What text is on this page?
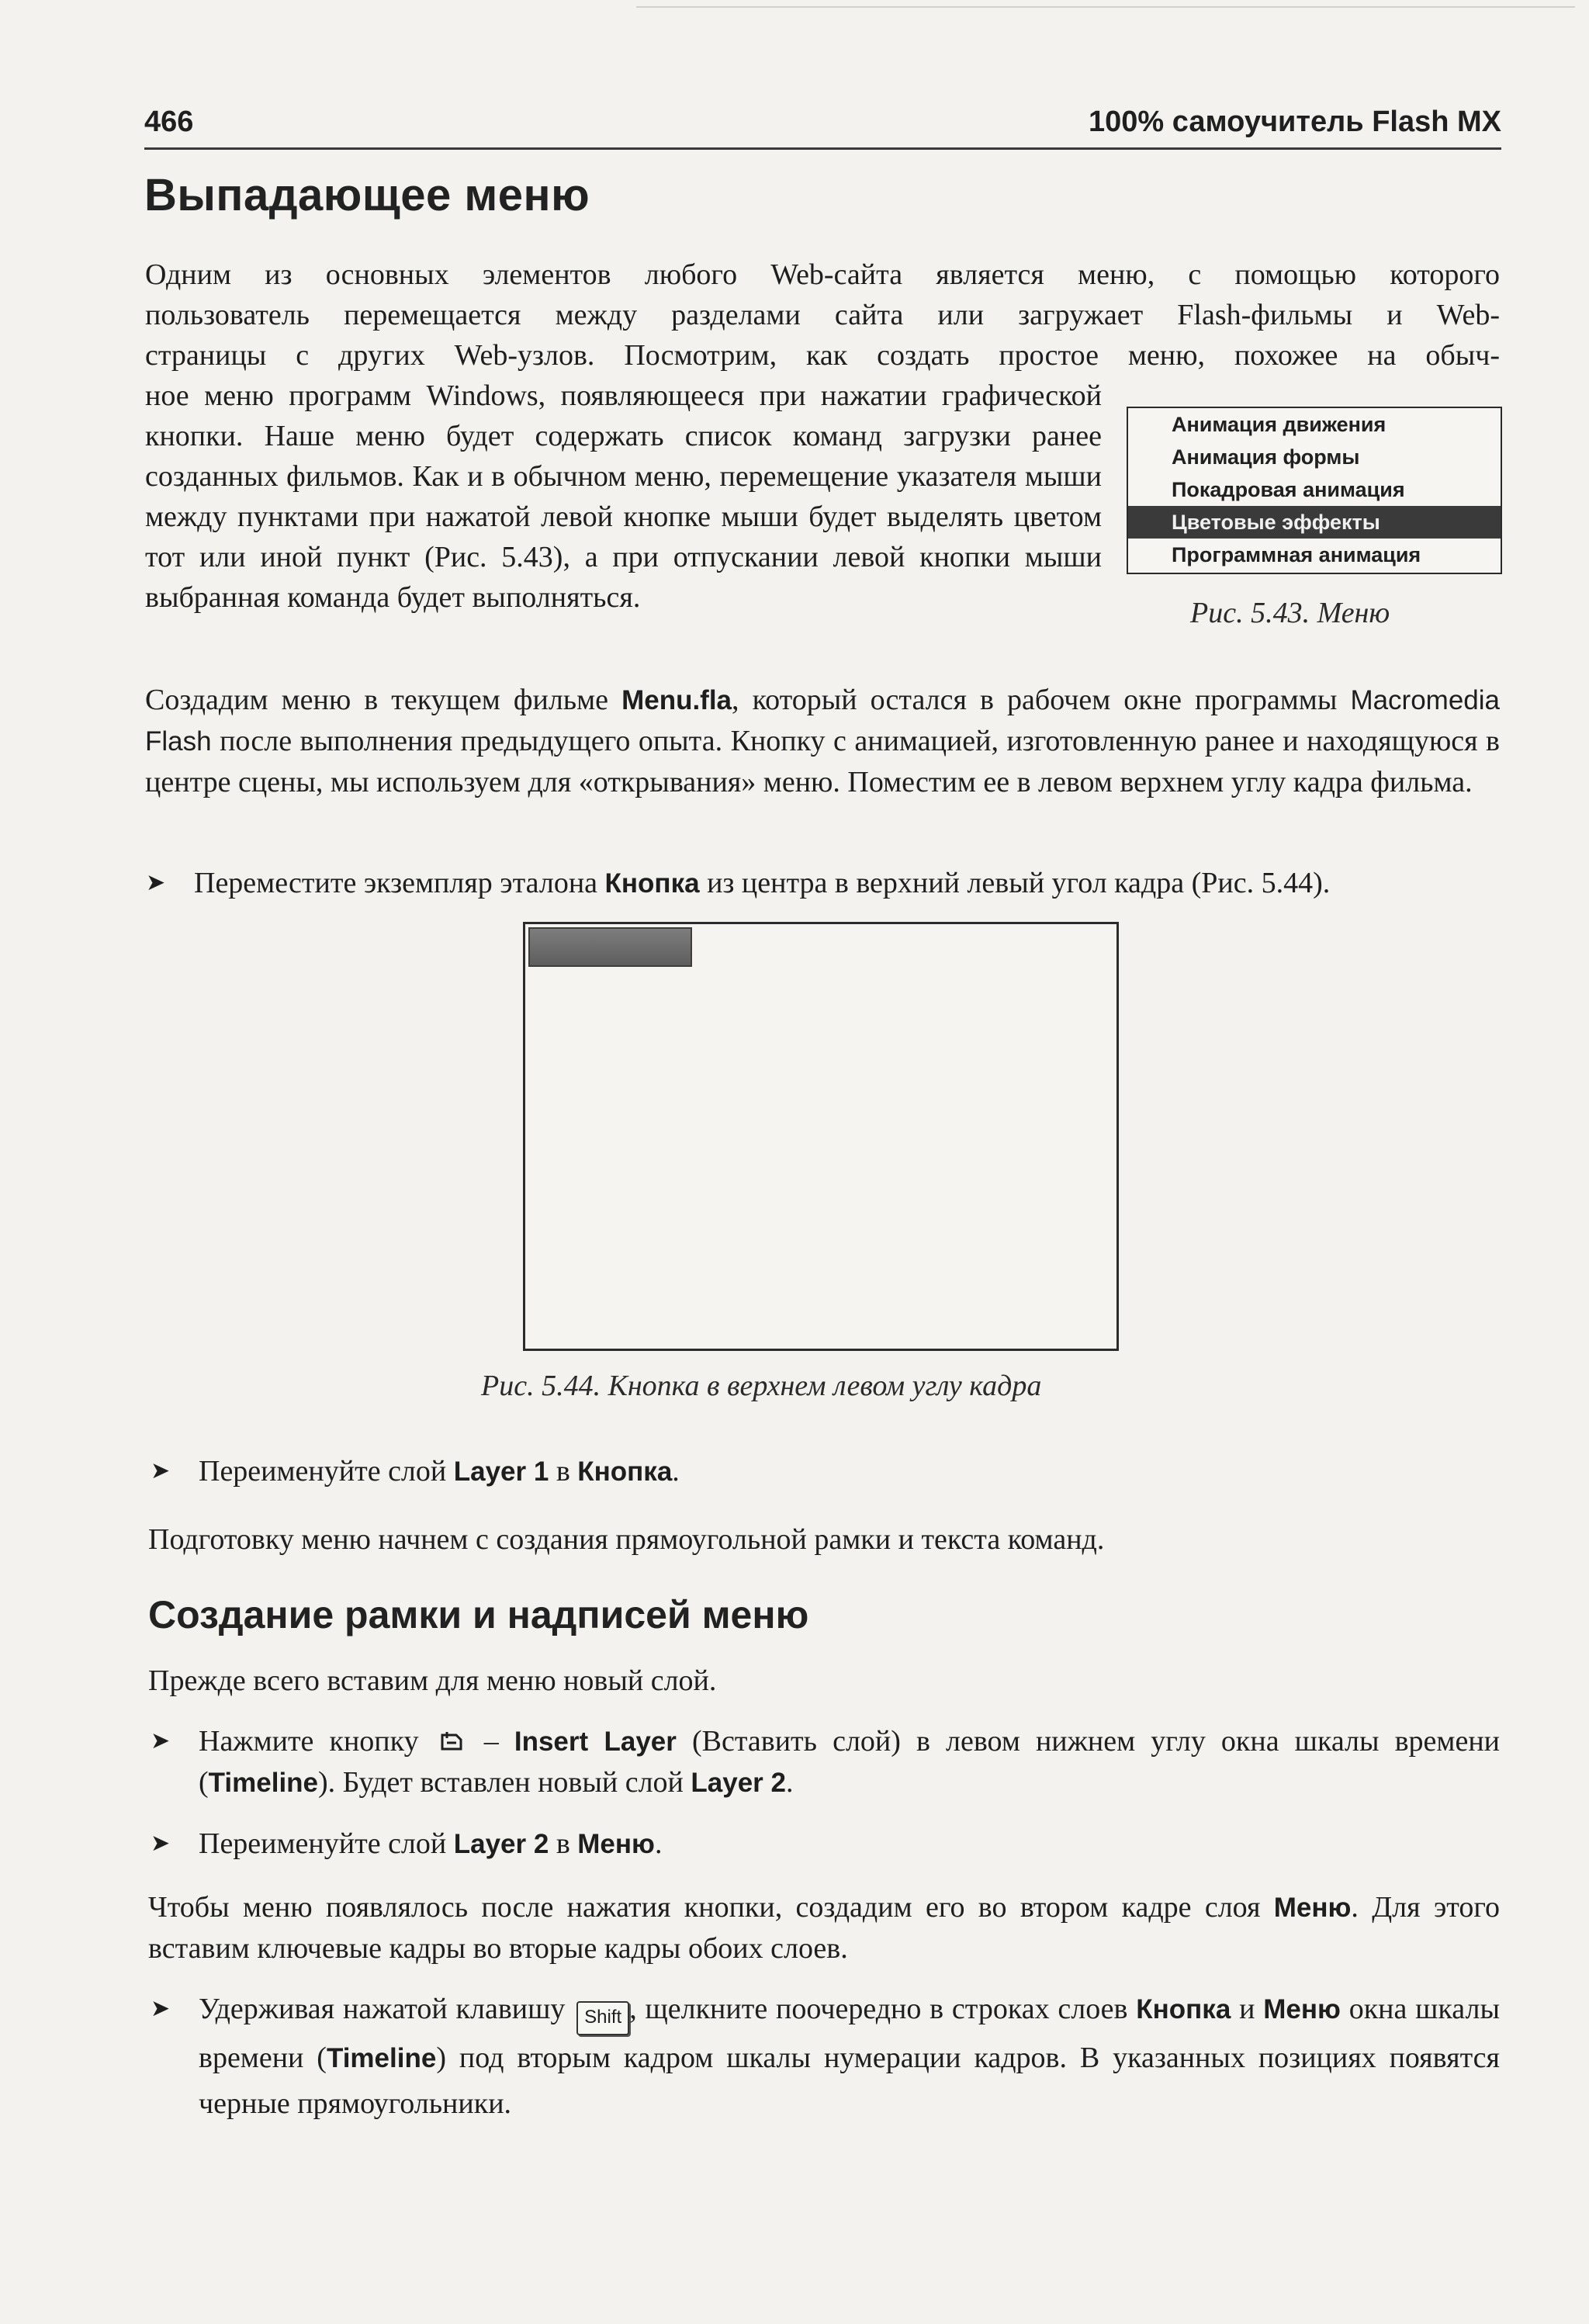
466	100% самоучитель Flash MX
Выпадающее меню

Одним из основных элементов любого Web-сайта является меню, с помощью которого

пользователь перемещается между разделами сайта или загружает Flash-фильмы и Web-

страницы с других Web-узлов. Посмотрим, как создать простое меню, похожее на обыч-

ное меню программ Windows, появляющееся при нажатии графической кнопки. Наше меню будет содержать список команд загрузки ранее созданных фильмов. Как и в обычном меню, перемещение указателя мыши между пунктами при нажатой левой кнопке мыши будет выделять цветом тот или иной пункт (Рис. 5.43), а при отпускании левой кнопки мыши выбранная команда будет выполняться.

Анимация движения
Анимация формы
Покадровая анимация
Цветовые эффекты
Программная анимация
Рис. 5.43. Меню

Создадим меню в текущем фильме Menu.fla, который остался в рабочем окне программы Macromedia Flash после выполнения предыдущего опыта. Кнопку с анимацией, изготовленную ранее и находящуюся в центре сцены, мы используем для «открывания» меню. Поместим ее в левом верхнем углу кадра фильма.

➤ Переместите экземпляр эталона Кнопка из центра в верхний левый угол кадра (Рис. 5.44).

Рис. 5.44. Кнопка в верхнем левом углу кадра

➤ Переименуйте слой Layer 1 в Кнопка.

Подготовку меню начнем с создания прямоугольной рамки и текста команд.

Создание рамки и надписей меню

Прежде всего вставим для меню новый слой.

➤ Нажмите кнопку  – Insert Layer (Вставить слой) в левом нижнем углу окна шкалы времени (Timeline). Будет вставлен новый слой Layer 2.

➤ Переименуйте слой Layer 2 в Меню.

Чтобы меню появлялось после нажатия кнопки, создадим его во втором кадре слоя Меню. Для этого вставим ключевые кадры во вторые кадры обоих слоев.

➤ Удерживая нажатой клавишу Shift , щелкните поочередно в строках слоев Кнопка и Меню окна шкалы времени (Timeline) под вторым кадром шкалы нумерации кадров. В указанных позициях появятся черные прямоугольники.
